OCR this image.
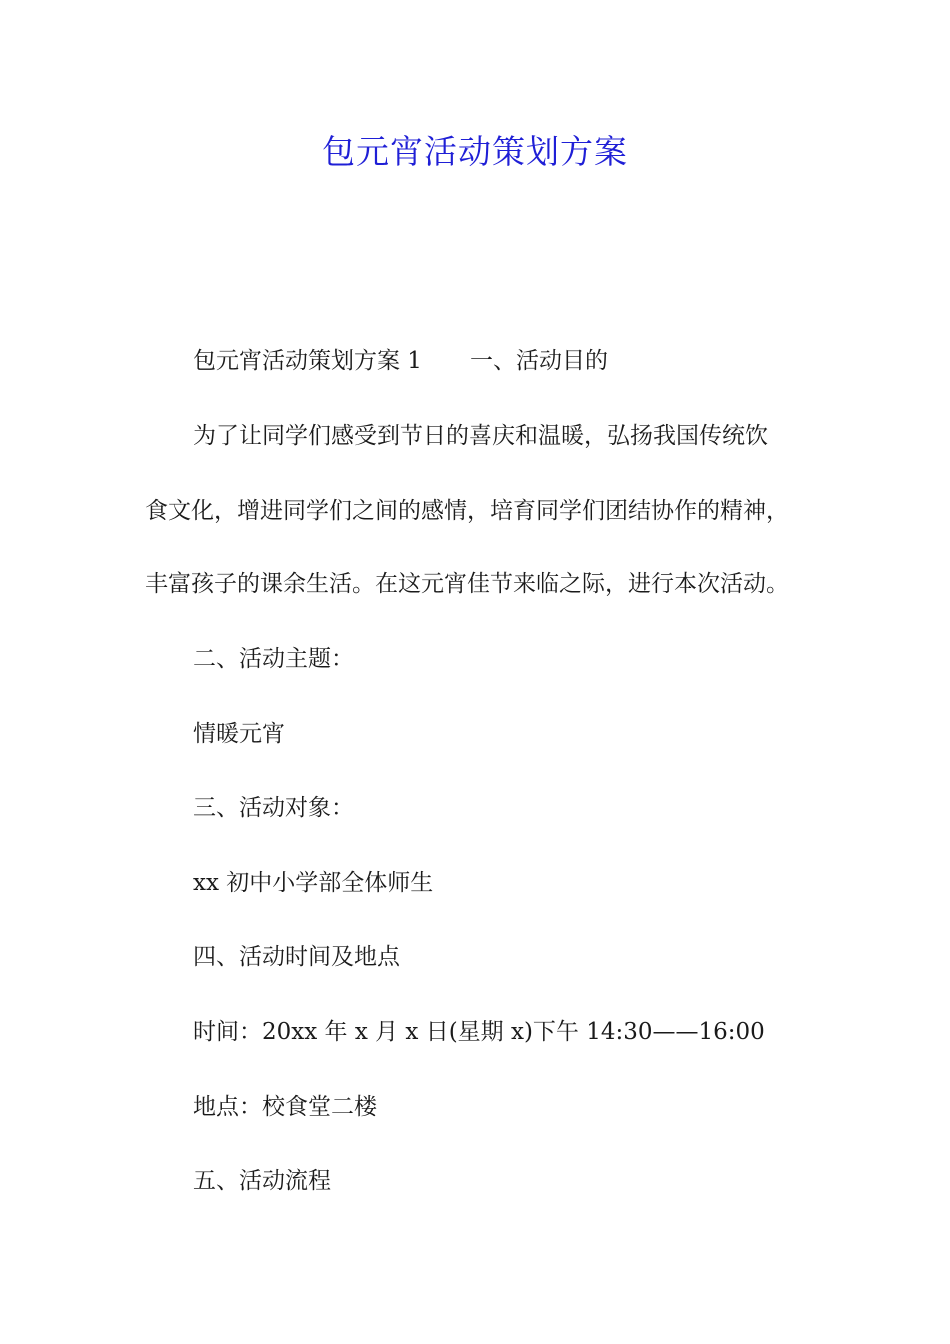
包元宵活动策划方案
包元宵活动策划方案 1 一、活动目的
为了让同学们感受到节日的喜庆和温暖，弘扬我国传统饮
食文化，增进同学们之间的感情，培育同学们团结协作的精神，
丰富孩子的课余生活。在这元宵佳节来临之际，进行本次活动。
二、活动主题：
情暖元宵
三、活动对象：
xx 初中小学部全体师生
四、活动时间及地点
时间：20xx 年 x 月 x 日(星期 x)下午 14:30——16:00
地点：校食堂二楼
五、活动流程
